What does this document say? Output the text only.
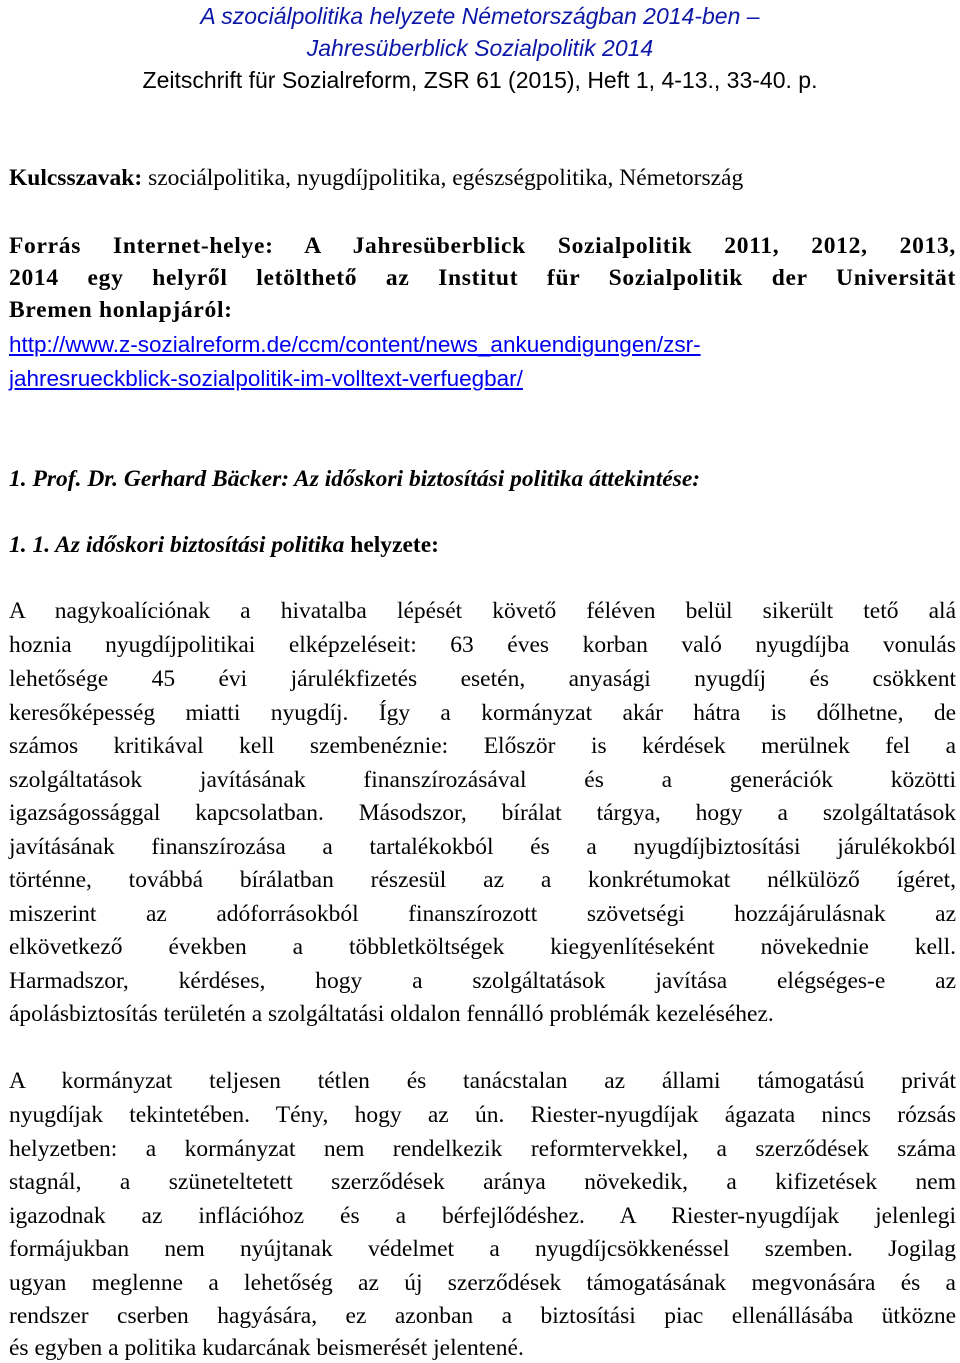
A szociálpolitika helyzete Németországban 2014-ben –
Jahresüberblick Sozialpolitik 2014
Zeitschrift für Sozialreform, ZSR 61 (2015), Heft 1, 4-13., 33-40. p.
Kulcsszavak: szociálpolitika, nyugdíjpolitika, egészségpolitika, Németország
Forrás Internet-helye: A Jahresüberblick Sozialpolitik 2011, 2012, 2013,
2014 egy helyről letölthető az Institut für Sozialpolitik der Universität
Bremen honlapjáról:
http://www.z-sozialreform.de/ccm/content/news_ankuendigungen/zsr-
jahresrueckblick-sozialpolitik-im-volltext-verfuegbar/
1. Prof. Dr. Gerhard Bäcker: Az időskori biztosítási politika áttekintése:
1. 1. Az időskori biztosítási politika helyzete:
A nagykoalíciónak a hivatalba lépését követő féléven belül sikerült tető alá
hoznia nyugdíjpolitikai elképzeléseit: 63 éves korban való nyugdíjba vonulás
lehetősége 45 évi járulékfizetés esetén, anyasági nyugdíj és csökkent
keresőképesség miatti nyugdíj. Így a kormányzat akár hátra is dőlhetne, de
számos kritikával kell szembenéznie: Először is kérdések merülnek fel a
szolgáltatások javításának finanszírozásával és a generációk közötti
igazságossággal kapcsolatban. Másodszor, bírálat tárgya, hogy a szolgáltatások
javításának finanszírozása a tartalékokból és a nyugdíjbiztosítási járulékokból
történne, továbbá bírálatban részesül az a konkrétumokat nélkülöző ígéret,
miszerint az adóforrásokból finanszírozott szövetségi hozzájárulásnak az
elkövetkező években a többletköltségek kiegyenlítéseként növekednie kell.
Harmadszor, kérdéses, hogy a szolgáltatások javítása elégséges-e az
ápolásbiztosítás területén a szolgáltatási oldalon fennálló problémák kezeléséhez.
A kormányzat teljesen tétlen és tanácstalan az állami támogatású privát
nyugdíjak tekintetében. Tény, hogy az ún. Riester-nyugdíjak ágazata nincs rózsás
helyzetben: a kormányzat nem rendelkezik reformtervekkel, a szerződések száma
stagnál, a szüneteltetett szerződések aránya növekedik, a kifizetések nem
igazodnak az inflációhoz és a bérfejlődéshez. A Riester-nyugdíjak jelenlegi
formájukban nem nyújtanak védelmet a nyugdíjcsökkenéssel szemben. Jogilag
ugyan meglenne a lehetőség az új szerződések támogatásának megvonására és a
rendszer cserben hagyására, ez azonban a biztosítási piac ellenállásába ütközne
és egyben a politika kudarcának beismerését jelentené.
